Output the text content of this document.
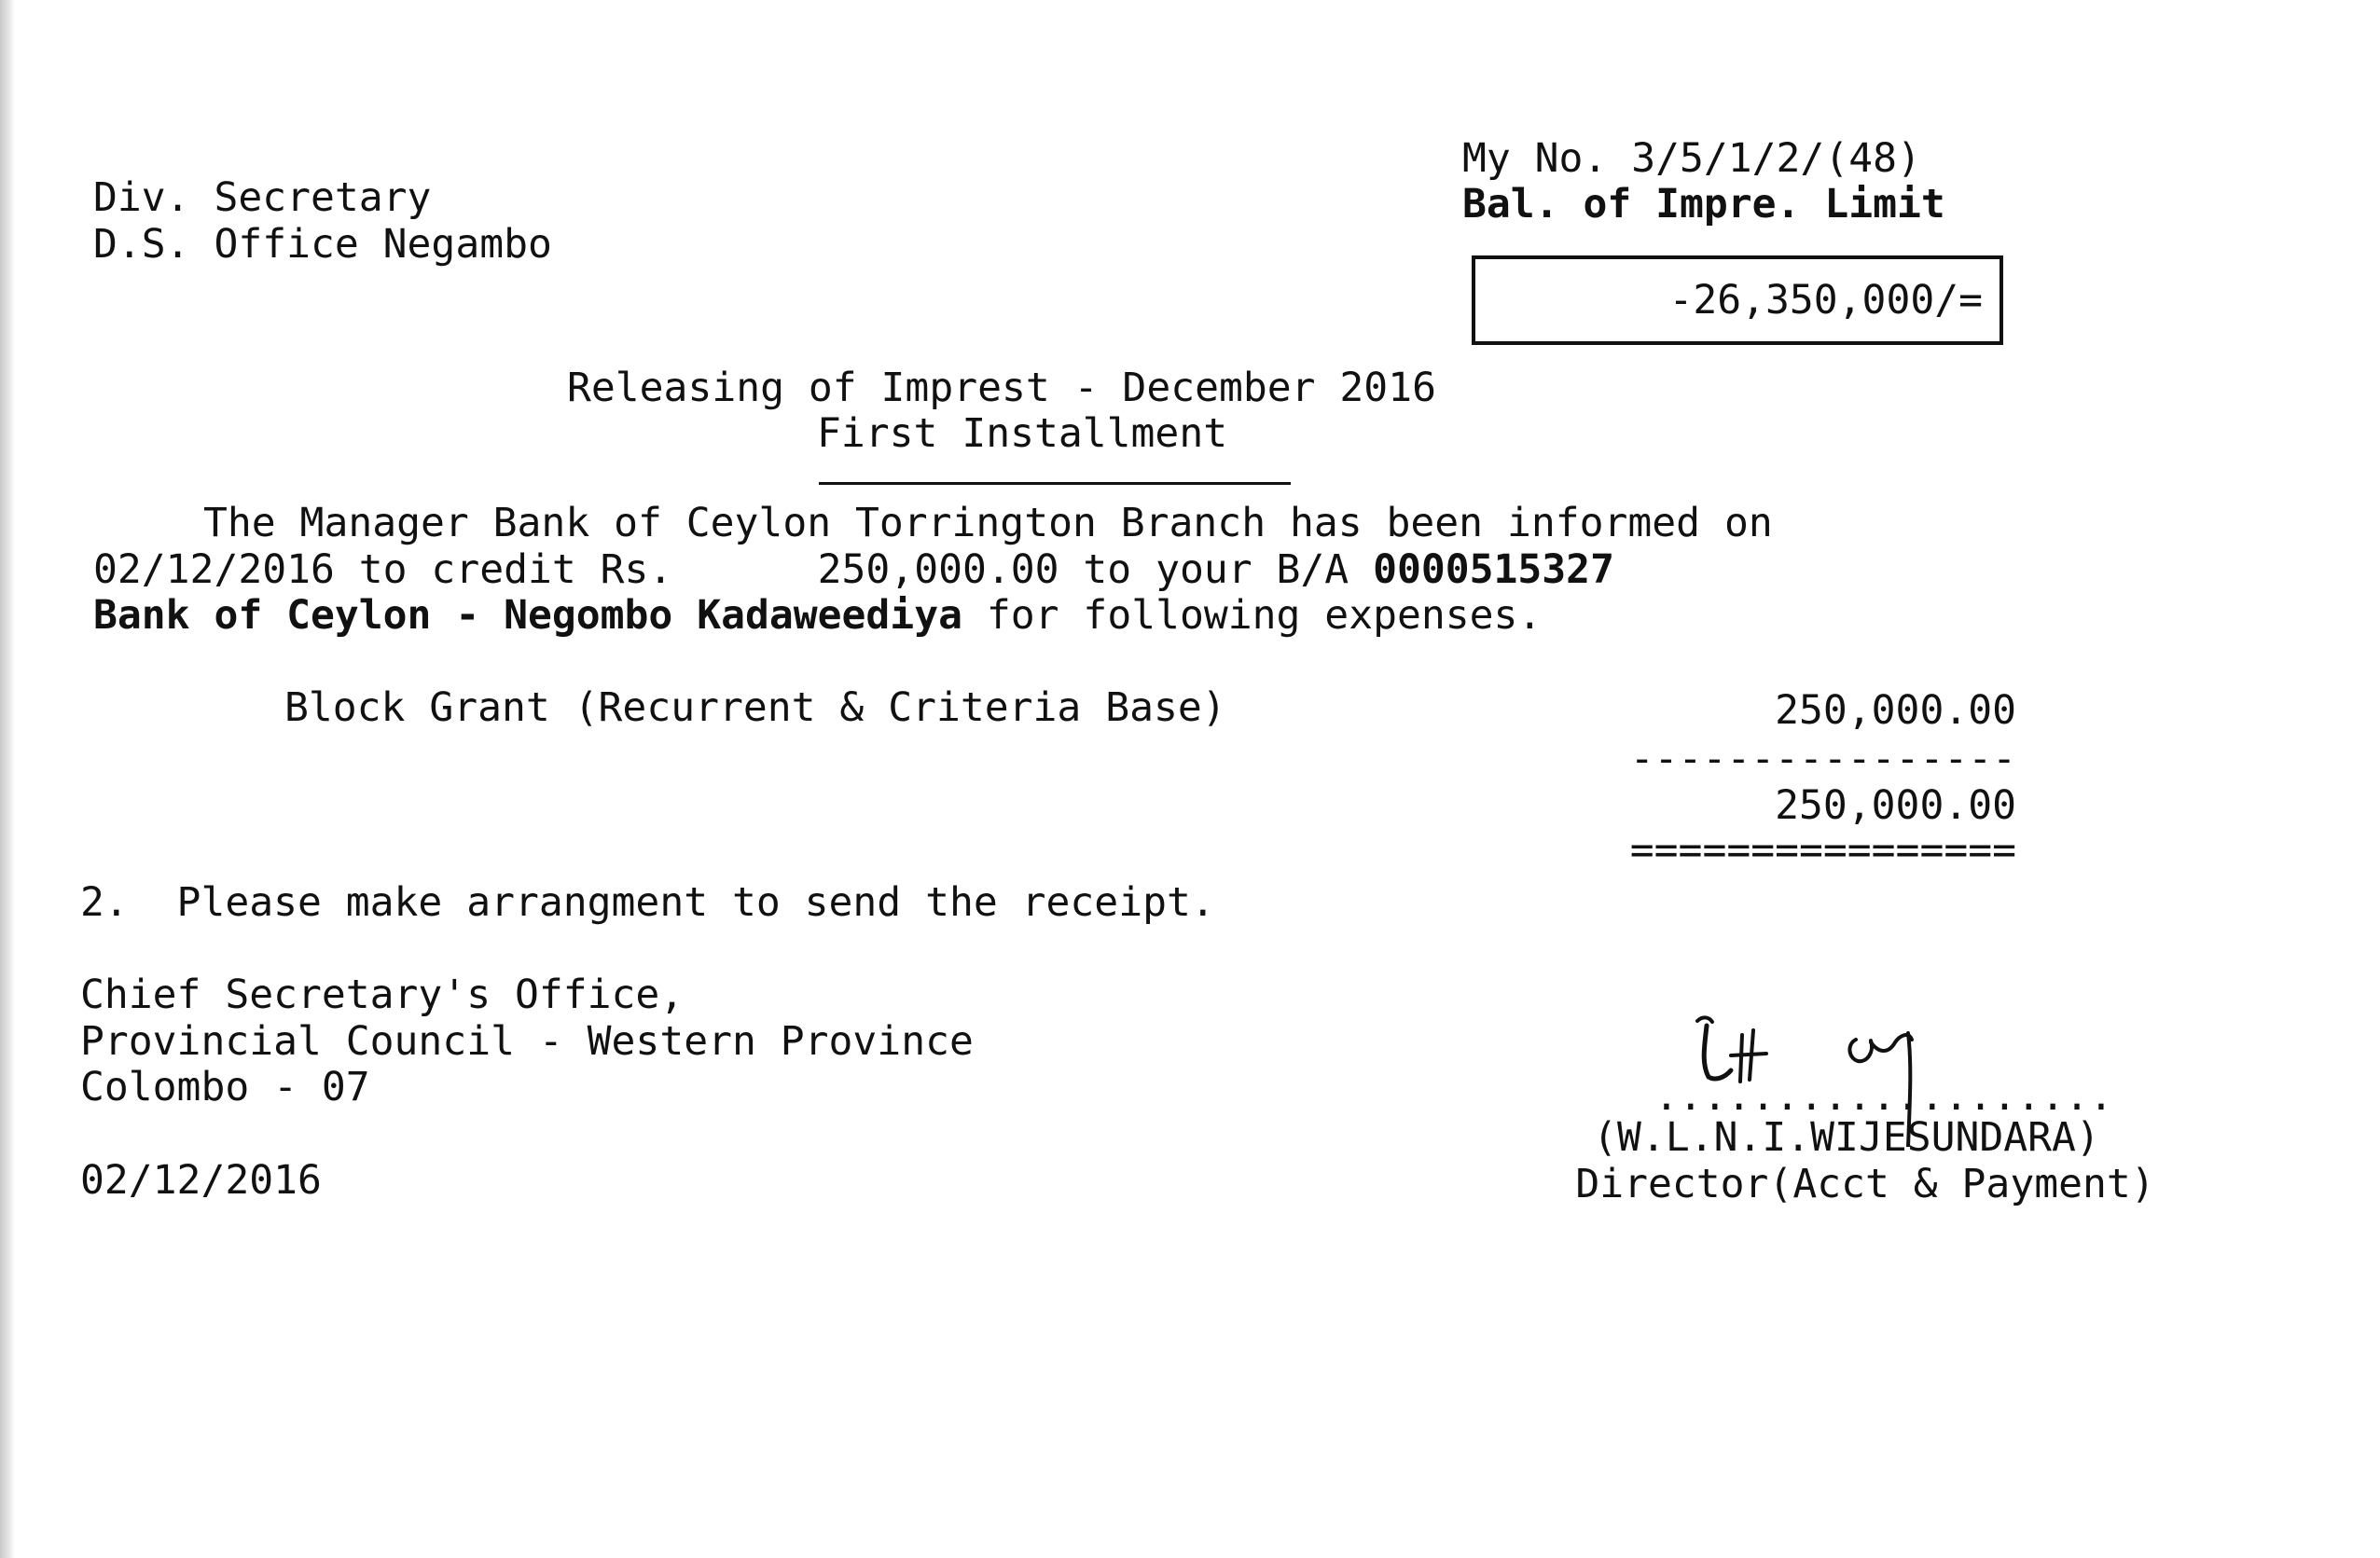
My No. 3/5/1/2/(48)
Bal. of Impre. Limit
-26,350,000/=
Div. Secretary
D.S. Office Negambo
Releasing of Imprest - December 2016
First Installment
The Manager Bank of Ceylon Torrington Branch has been informed on
02/12/2016 to credit Rs.      250,000.00 to your B/A 0000515327
Bank of Ceylon - Negombo Kadaweediya for following expenses.
Block Grant (Recurrent & Criteria Base)	250,000.00
----------------
250,000.00
================
2.  Please make arrangment to send the receipt.
Chief Secretary's Office,
Provincial Council - Western Province
Colombo - 07
02/12/2016
...................
(W.L.N.I.WIJESUNDARA)
Director(Acct & Payment)
